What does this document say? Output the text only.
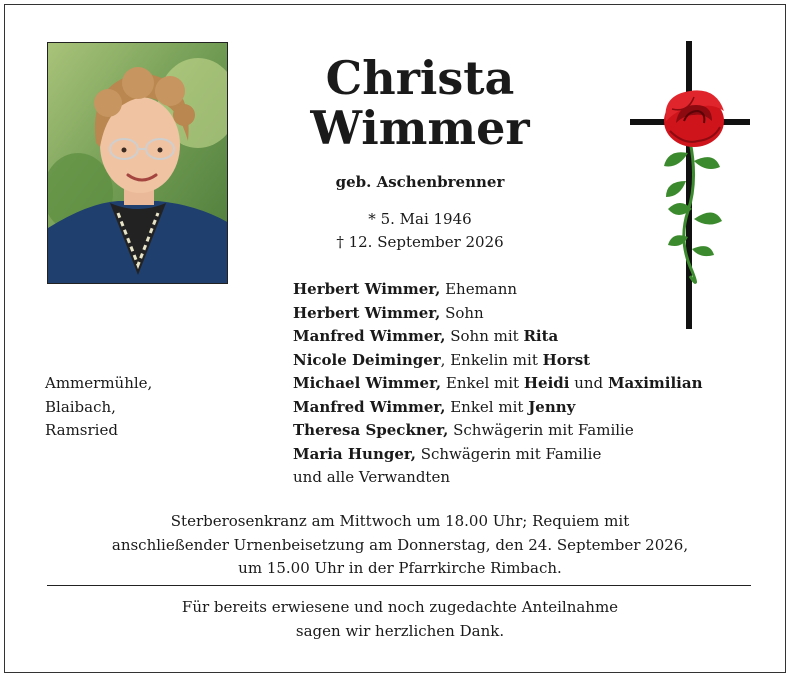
Christa
Wimmer
geb. Aschenbrenner
* 5. Mai 1946
† 12. September 2026
Ammermühle,
Blaibach,
Ramsried
Herbert Wimmer, Ehemann
Herbert Wimmer, Sohn
Manfred Wimmer, Sohn mit Rita
Nicole Deiminger, Enkelin mit Horst
Michael Wimmer, Enkel mit Heidi und Maximilian
Manfred Wimmer, Enkel mit Jenny
Theresa Speckner, Schwägerin mit Familie
Maria Hunger, Schwägerin mit Familie
und alle Verwandten
Sterberosenkranz am Mittwoch um 18.00 Uhr; Requiem mit
anschließender Urnenbeisetzung am Donnerstag, den 24. September 2026,
um 15.00 Uhr in der Pfarrkirche Rimbach.
Für bereits erwiesene und noch zugedachte Anteilnahme
sagen wir herzlichen Dank.
